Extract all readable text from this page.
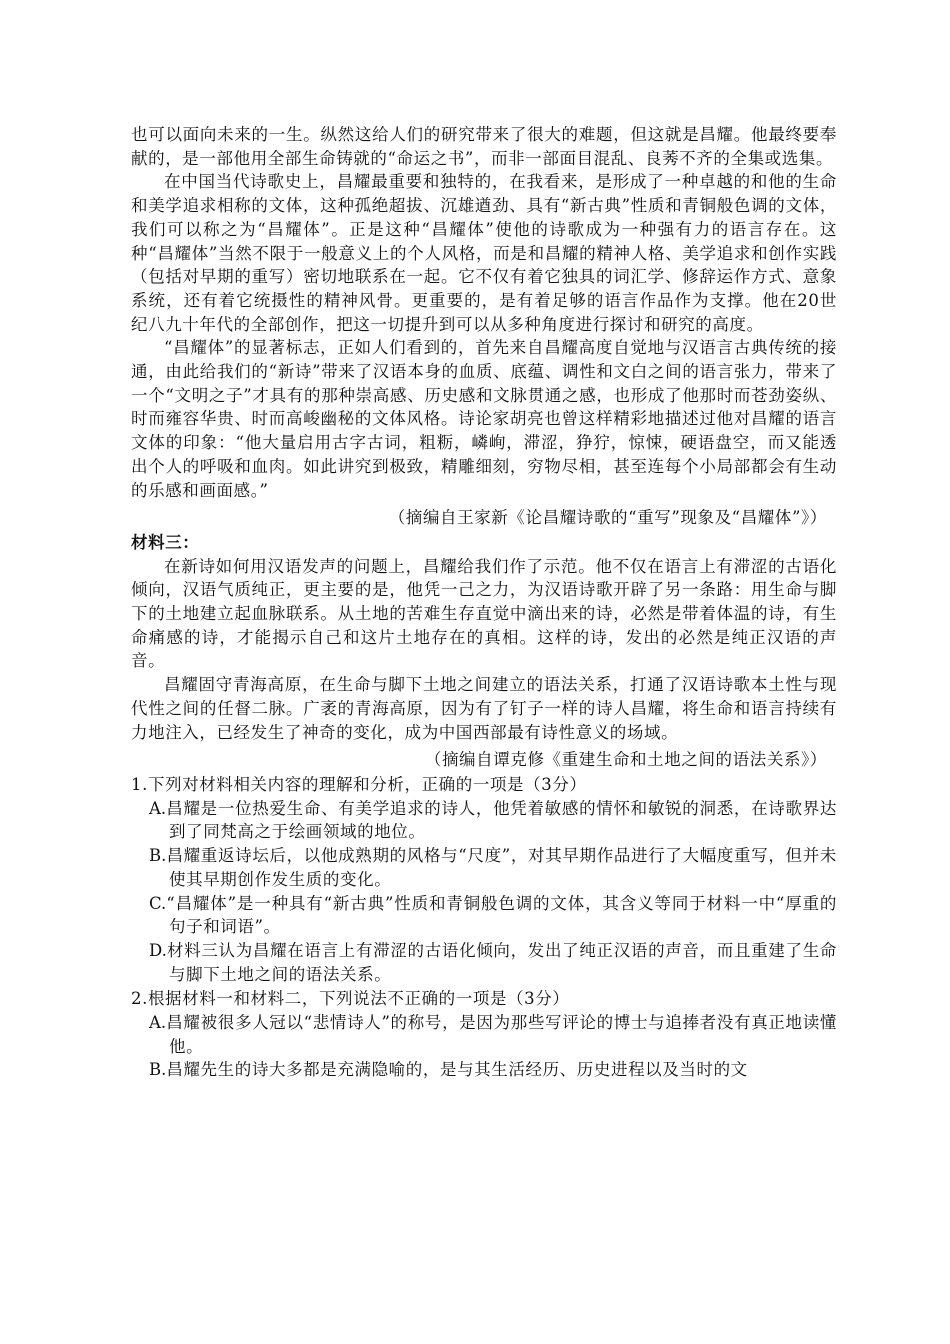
也可以面向未来的一生。纵然这给人们的研究带来了很大的难题，但这就是昌耀。他最终要奉献的，是一部他用全部生命铸就的“命运之书”，而非一部面目混乱、良莠不齐的全集或选集。

在中国当代诗歌史上，昌耀最重要和独特的，在我看来，是形成了一种卓越的和他的生命和美学追求相称的文体，这种孤绝超拔、沉雄遒劲、具有“新古典”性质和青铜般色调的文体，我们可以称之为“昌耀体”。正是这种“昌耀体”使他的诗歌成为一种强有力的语言存在。这种“昌耀体”当然不限于一般意义上的个人风格，而是和昌耀的精神人格、美学追求和创作实践（包括对早期的重写）密切地联系在一起。它不仅有着它独具的词汇学、修辞运作方式、意象系统，还有着它统摄性的精神风骨。更重要的，是有着足够的语言作品作为支撑。他在20世纪八九十年代的全部创作，把这一切提升到可以从多种角度进行探讨和研究的高度。

“昌耀体”的显著标志，正如人们看到的，首先来自昌耀高度自觉地与汉语言古典传统的接通，由此给我们的“新诗”带来了汉语本身的血质、底蕴、调性和文白之间的语言张力，带来了一个“文明之子”才具有的那种崇高感、历史感和文脉贯通之感，也形成了他那时而苍劲姿纵、时而雍容华贵、时而高峻幽秘的文体风格。诗论家胡亮也曾这样精彩地描述过他对昌耀的语言文体的印象：“他大量启用古字古词，粗粝，嶙峋，滞涩，狰狞，惊悚，硬语盘空，而又能透出个人的呼吸和血肉。如此讲究到极致，精雕细刻，穷物尽相，甚至连每个小局部都会有生动的乐感和画面感。”

（摘编自王家新《论昌耀诗歌的“重写”现象及“昌耀体”》）

材料三：

在新诗如何用汉语发声的问题上，昌耀给我们作了示范。他不仅在语言上有滞涩的古语化倾向，汉语气质纯正，更主要的是，他凭一己之力，为汉语诗歌开辟了另一条路：用生命与脚下的土地建立起血脉联系。从土地的苦难生存直觉中滴出来的诗，必然是带着体温的诗，有生命痛感的诗，才能揭示自己和这片土地存在的真相。这样的诗，发出的必然是纯正汉语的声音。

昌耀固守青海高原，在生命与脚下土地之间建立的语法关系，打通了汉语诗歌本土性与现代性之间的任督二脉。广袤的青海高原，因为有了钉子一样的诗人昌耀，将生命和语言持续有力地注入，已经发生了神奇的变化，成为中国西部最有诗性意义的场域。

（摘编自谭克修《重建生命和土地之间的语法关系》）

1.下列对材料相关内容的理解和分析，正确的一项是（3分）

A.昌耀是一位热爱生命、有美学追求的诗人，他凭着敏感的情怀和敏锐的洞悉，在诗歌界达到了同梵高之于绘画领域的地位。

B.昌耀重返诗坛后，以他成熟期的风格与“尺度”，对其早期作品进行了大幅度重写，但并未使其早期创作发生质的变化。

C.“昌耀体”是一种具有“新古典”性质和青铜般色调的文体，其含义等同于材料一中“厚重的句子和词语”。

D.材料三认为昌耀在语言上有滞涩的古语化倾向，发出了纯正汉语的声音，而且重建了生命与脚下土地之间的语法关系。

2.根据材料一和材料二，下列说法不正确的一项是（3分）

A.昌耀被很多人冠以“悲情诗人”的称号，是因为那些写评论的博士与追捧者没有真正地读懂他。

B.昌耀先生的诗大多都是充满隐喻的，是与其生活经历、历史进程以及当时的文
